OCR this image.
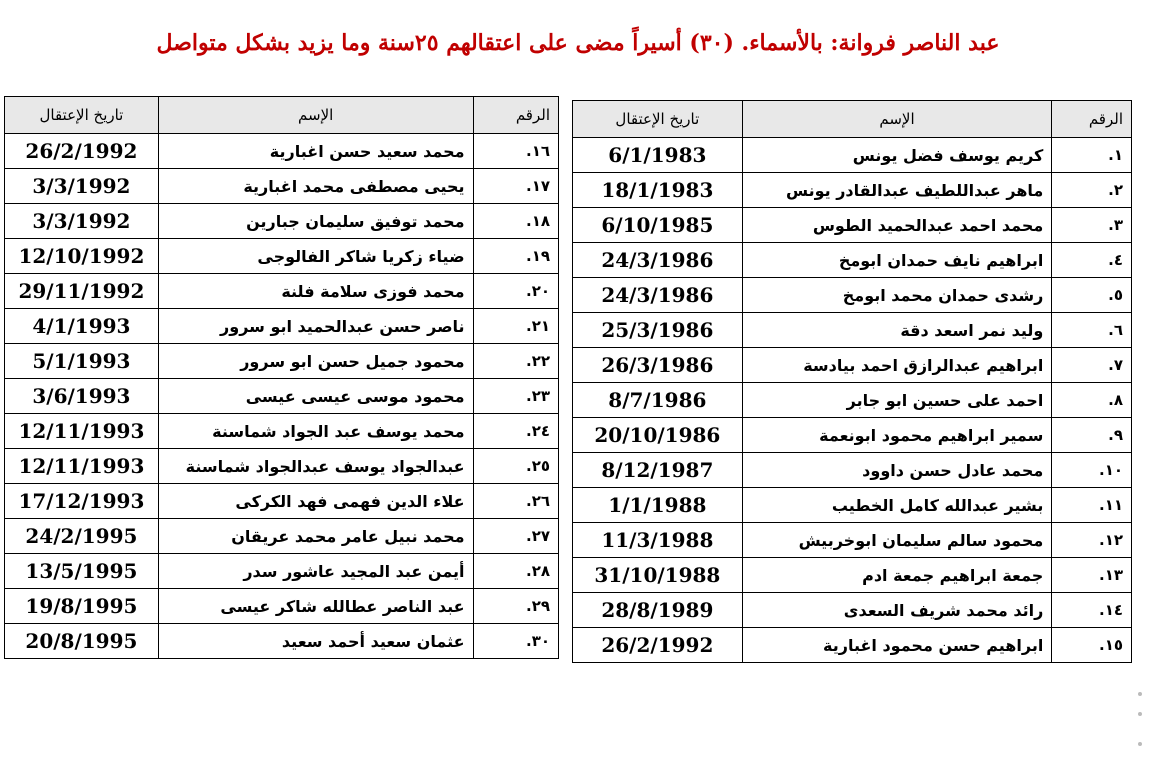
عبد الناصر فروانة: بالأسماء. (٣٠) أسيراً مضى على اعتقالهم ٢٥سنة وما يزيد بشكل متواصل
الرقم	الإسم	تاريخ الإعتقال
١.	كريم يوسف فضل يونس	6/1/1983
٢.	ماهر عبداللطيف عبدالقادر يونس	18/1/1983
٣.	محمد احمد عبدالحميد الطوس	6/10/1985
٤.	ابراهيم نايف حمدان ابومخ	24/3/1986
٥.	رشدى حمدان محمد ابومخ	24/3/1986
٦.	وليد نمر اسعد دقة	25/3/1986
٧.	ابراهيم عبدالرازق احمد بيادسة	26/3/1986
٨.	احمد على حسين ابو جابر	8/7/1986
٩.	سمير ابراهيم محمود ابونعمة	20/10/1986
١٠.	محمد عادل حسن داوود	8/12/1987
١١.	بشير عبدالله كامل الخطيب	1/1/1988
١٢.	محمود سالم سليمان ابوخربيش	11/3/1988
١٣.	جمعة ابراهيم جمعة ادم	31/10/1988
١٤.	رائد محمد شريف السعدى	28/8/1989
١٥.	ابراهيم حسن محمود اغبارية	26/2/1992
الرقم	الإسم	تاريخ الإعتقال
١٦.	محمد سعيد حسن اغبارية	26/2/1992
١٧.	يحيى مصطفى محمد اغبارية	3/3/1992
١٨.	محمد توفيق سليمان جبارين	3/3/1992
١٩.	ضياء زكريا شاكر الفالوجى	12/10/1992
٢٠.	محمد فوزى سلامة فلنة	29/11/1992
٢١.	ناصر حسن عبدالحميد ابو سرور	4/1/1993
٢٢.	محمود جميل حسن ابو سرور	5/1/1993
٢٣.	محمود موسى عيسى عيسى	3/6/1993
٢٤.	محمد يوسف عبد الجواد شماسنة	12/11/1993
٢٥.	عبدالجواد يوسف عبدالجواد شماسنة	12/11/1993
٢٦.	علاء الدين فهمى فهد الكركى	17/12/1993
٢٧.	محمد نبيل عامر محمد عريقان	24/2/1995
٢٨.	أيمن عبد المجيد عاشور سدر	13/5/1995
٢٩.	عبد الناصر عطالله شاكر عيسى	19/8/1995
٣٠.	عثمان سعيد أحمد سعيد	20/8/1995
